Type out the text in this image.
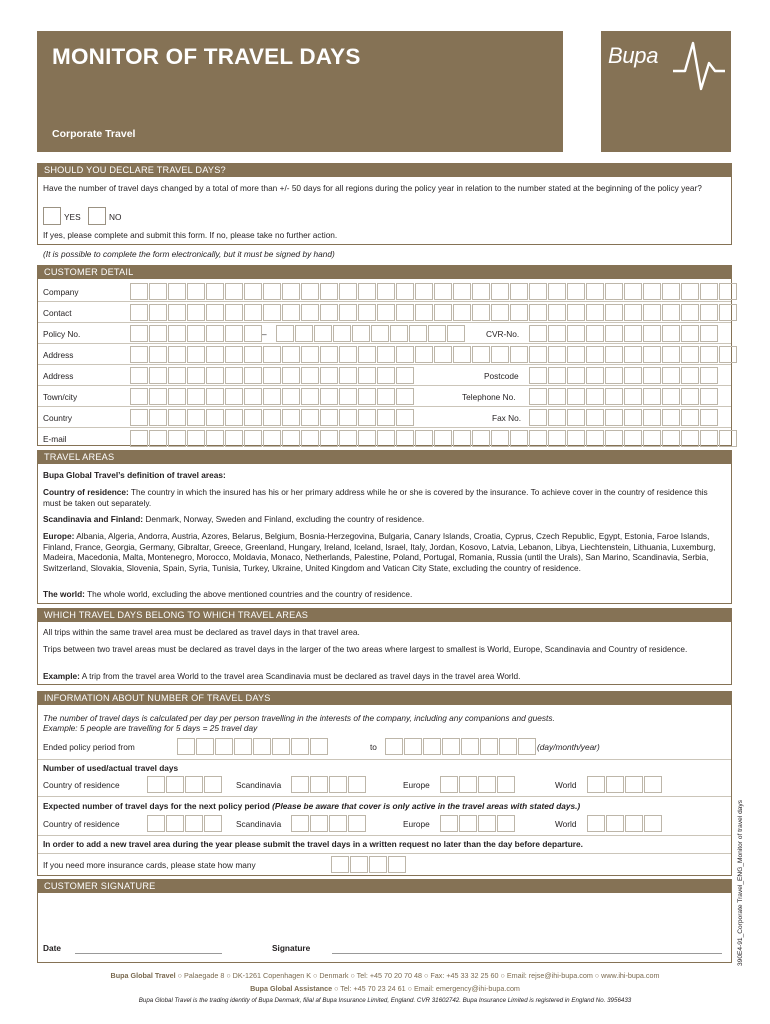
MONITOR OF TRAVEL DAYS
Corporate Travel
Bupa
SHOULD YOU DECLARE TRAVEL DAYS?
Have the number of travel days changed by a total of more than +/- 50 days for all regions during the policy year in relation to the number stated at the beginning of the policy year?
YES	NO
If yes, please complete and submit this form. If no, please take no further action.
(It is possible to complete the form electronically, but it must be signed by hand)
CUSTOMER DETAIL
Company
Contact
Policy No.	–	CVR-No.
Address
Address	Postcode
Town/city	Telephone No.
Country	Fax No.
E-mail
TRAVEL AREAS
Bupa Global Travel’s definition of travel areas:
Country of residence: The country in which the insured has his or her primary address while he or she is covered by the insurance. To achieve cover in the country of residence this must be taken out separately.
Scandinavia and Finland: Denmark, Norway, Sweden and Finland, excluding the country of residence.
Europe: Albania, Algeria, Andorra, Austria, Azores, Belarus, Belgium, Bosnia-Herzegovina, Bulgaria, Canary Islands, Croatia, Cyprus, Czech Republic, Egypt, Estonia, Faroe Islands, Finland, France, Georgia, Germany, Gibraltar, Greece, Greenland, Hungary, Ireland, Iceland, Israel, Italy, Jordan, Kosovo, Latvia, Lebanon, Libya, Liechtenstein, Lithuania, Luxemburg, Madeira, Macedonia, Malta, Montenegro, Morocco, Moldavia, Monaco, Netherlands, Palestine, Poland, Portugal, Romania, Russia (until the Urals), San Marino, Scandinavia, Serbia, Switzerland, Slovakia, Slovenia, Spain, Syria, Tunisia, Turkey, Ukraine, United Kingdom and Vatican City State, excluding the country of residence.
The world: The whole world, excluding the above mentioned countries and the country of residence.
WHICH TRAVEL DAYS BELONG TO WHICH TRAVEL AREAS
All trips within the same travel area must be declared as travel days in that travel area.
Trips between two travel areas must be declared as travel days in the larger of the two areas where largest to smallest is World, Europe, Scandinavia and Country of residence.
Example: A trip from the travel area World to the travel area Scandinavia must be declared as travel days in the travel area World.
INFORMATION ABOUT NUMBER OF TRAVEL DAYS
The number of travel days is calculated per day per person travelling in the interests of the company, including any companions and guests.
Example: 5 people are travelling for 5 days = 25 travel day
Ended policy period from	to	(day/month/year)
Number of used/actual travel days
Country of residence	Scandinavia	Europe	World
Expected number of travel days for the next policy period (Please be aware that cover is only active in the travel areas with stated days.)
Country of residence	Scandinavia	Europe	World
In order to add a new travel area during the year please submit the travel days in a written request no later than the day before departure.
If you need more insurance cards, please state how many
CUSTOMER SIGNATURE
Date	Signature
Bupa Global Travel ○ Palaegade 8 ○ DK-1261 Copenhagen K ○ Denmark ○ Tel: +45 70 20 70 48 ○ Fax: +45 33 32 25 60 ○ Email: rejse@ihi-bupa.com ○ www.ihi-bupa.com
Bupa Global Assistance ○ Tel: +45 70 23 24 61 ○ Email: emergency@ihi-bupa.com
Bupa Global Travel is the trading identity of Bupa Denmark, filial af Bupa Insurance Limited, England. CVR 31602742. Bupa Insurance Limited is registered in England No. 3956433
390E4-91_Corporate Travel_ENG_Monitor of travel days
